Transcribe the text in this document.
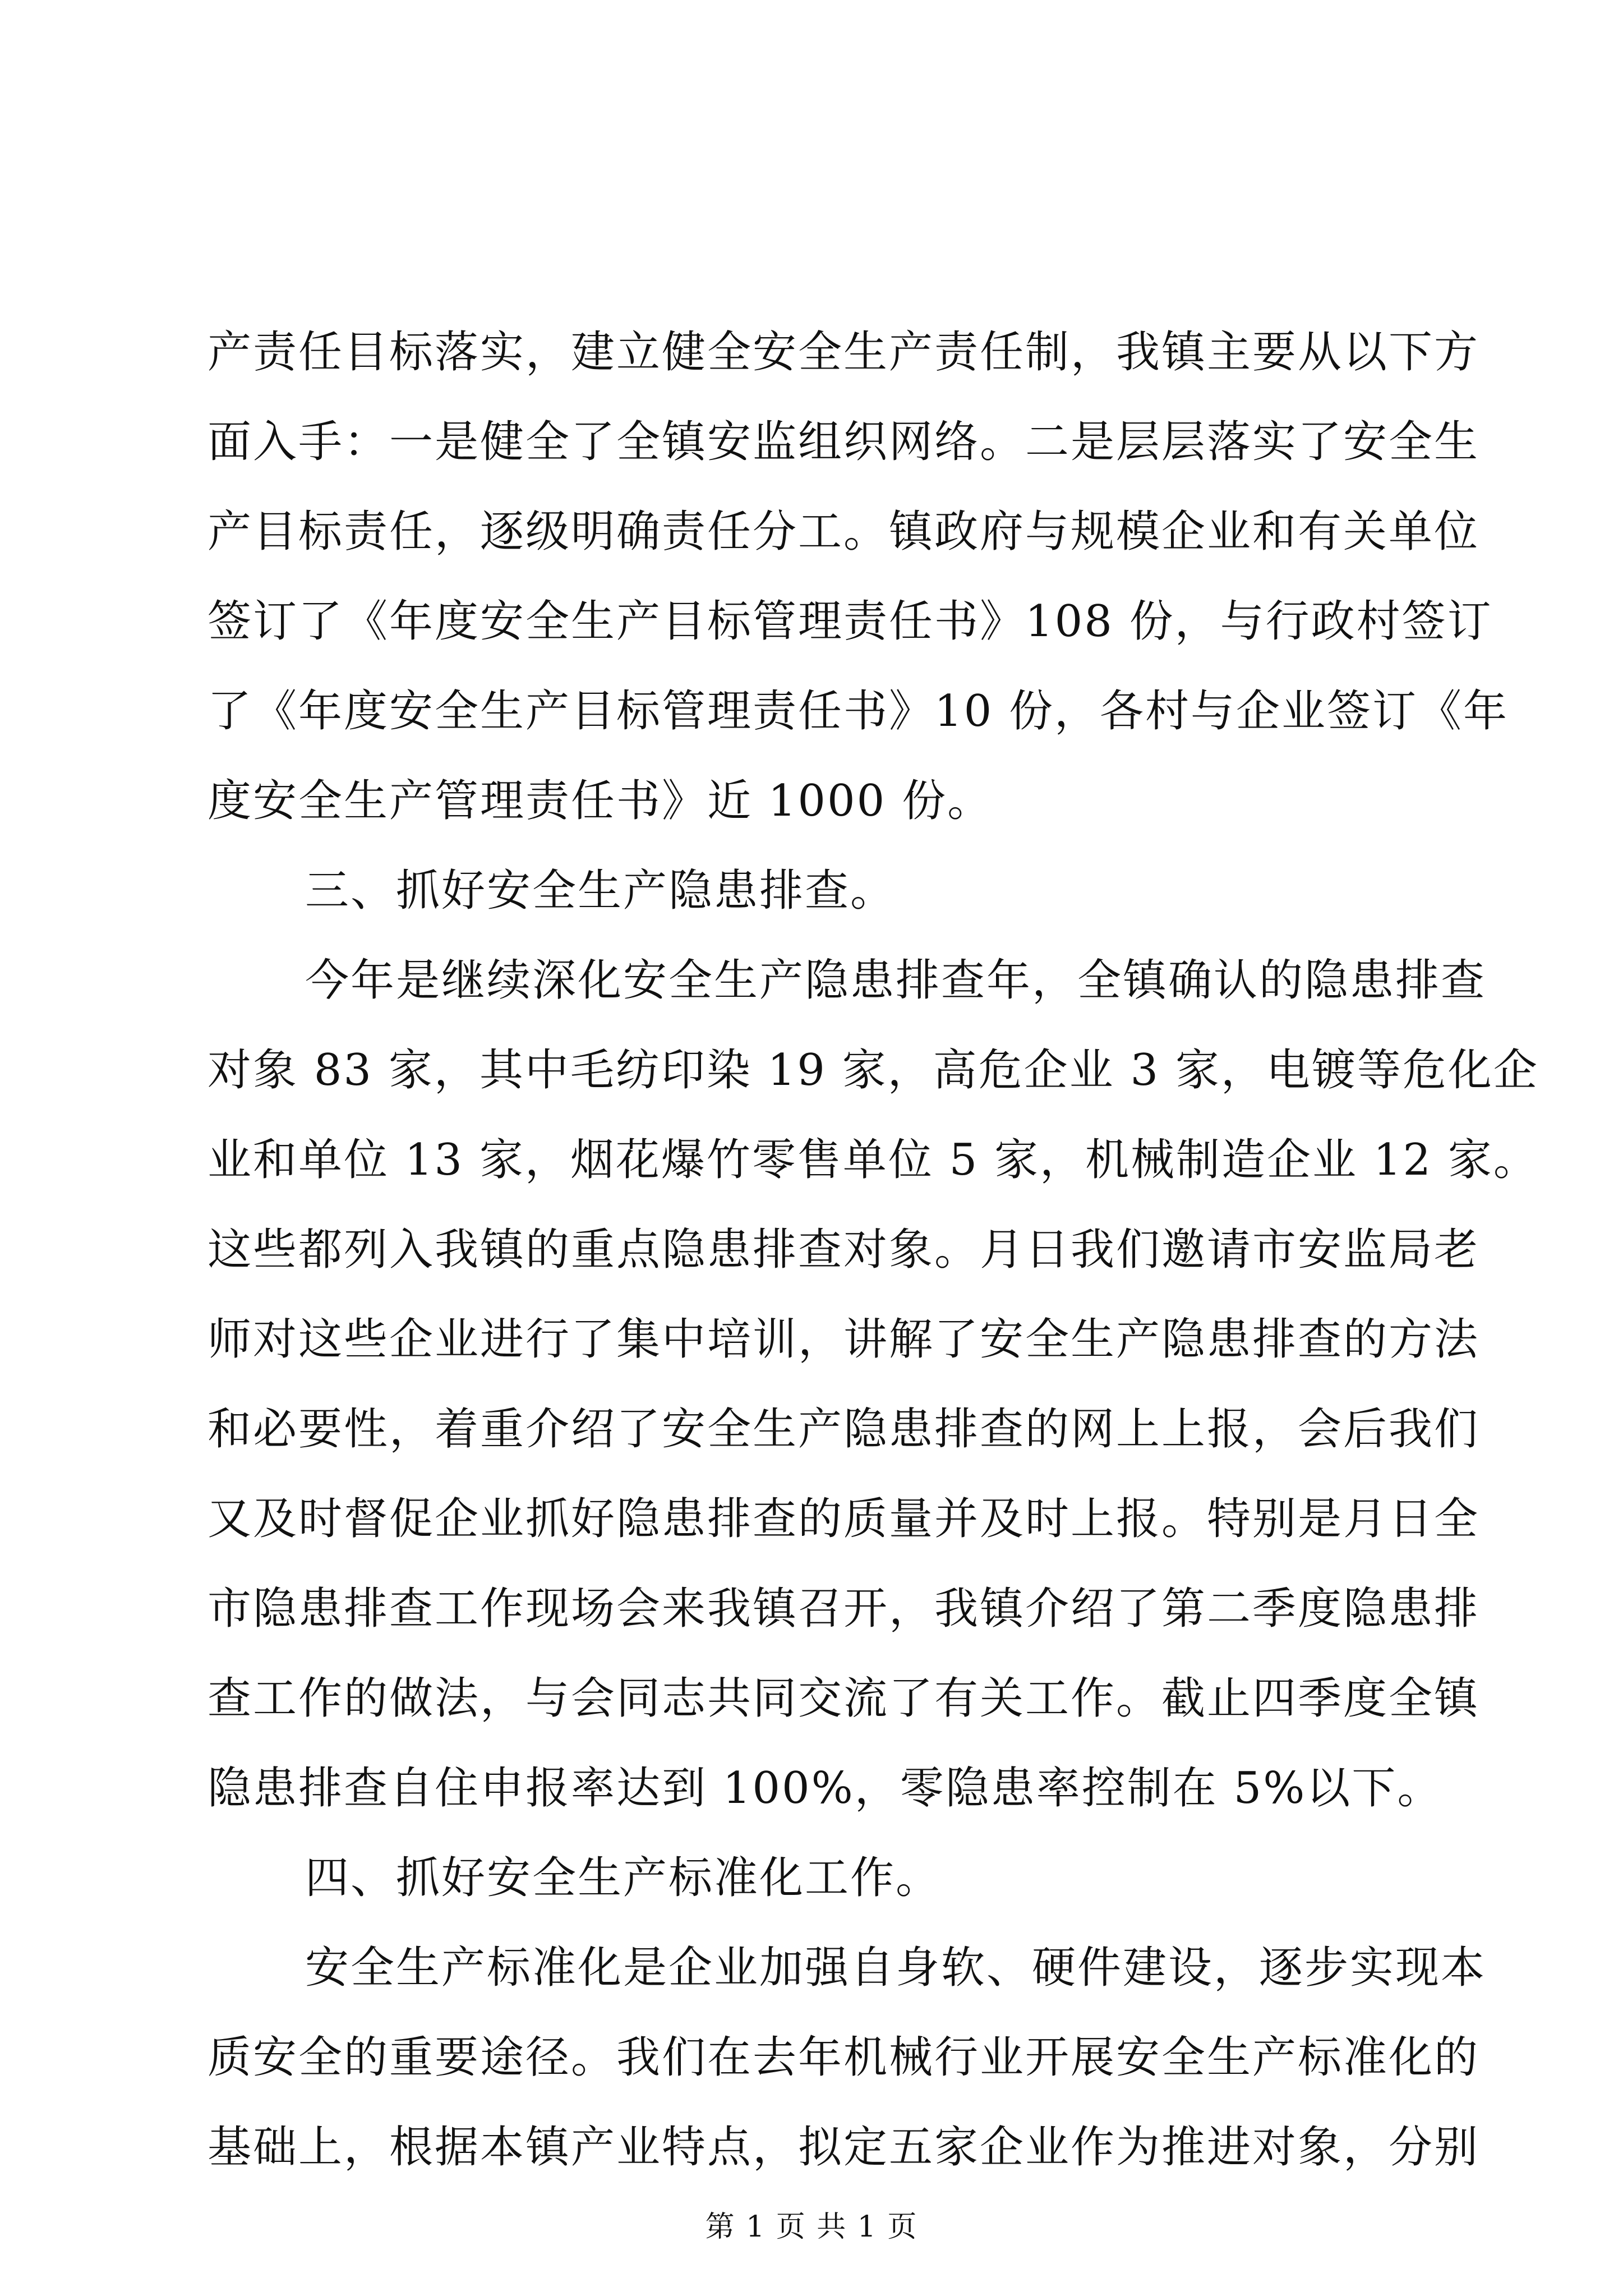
产责任目标落实，建立健全安全生产责任制，我镇主要从以下方
面入手：一是健全了全镇安监组织网络。二是层层落实了安全生
产目标责任，逐级明确责任分工。镇政府与规模企业和有关单位
签订了《年度安全生产目标管理责任书》108 份，与行政村签订
了《年度安全生产目标管理责任书》10 份，各村与企业签订《年
度安全生产管理责任书》近 1000 份。
三、抓好安全生产隐患排查。
今年是继续深化安全生产隐患排查年，全镇确认的隐患排查
对象 83 家，其中毛纺印染 19 家，高危企业 3 家，电镀等危化企
业和单位 13 家，烟花爆竹零售单位 5 家，机械制造企业 12 家。
这些都列入我镇的重点隐患排查对象。月日我们邀请市安监局老
师对这些企业进行了集中培训，讲解了安全生产隐患排查的方法
和必要性，着重介绍了安全生产隐患排查的网上上报，会后我们
又及时督促企业抓好隐患排查的质量并及时上报。特别是月日全
市隐患排查工作现场会来我镇召开，我镇介绍了第二季度隐患排
查工作的做法，与会同志共同交流了有关工作。截止四季度全镇
隐患排查自住申报率达到 100%，零隐患率控制在 5%以下。
四、抓好安全生产标准化工作。
安全生产标准化是企业加强自身软、硬件建设，逐步实现本
质安全的重要途径。我们在去年机械行业开展安全生产标准化的
基础上，根据本镇产业特点，拟定五家企业作为推进对象，分别
第 1 页 共 1 页
